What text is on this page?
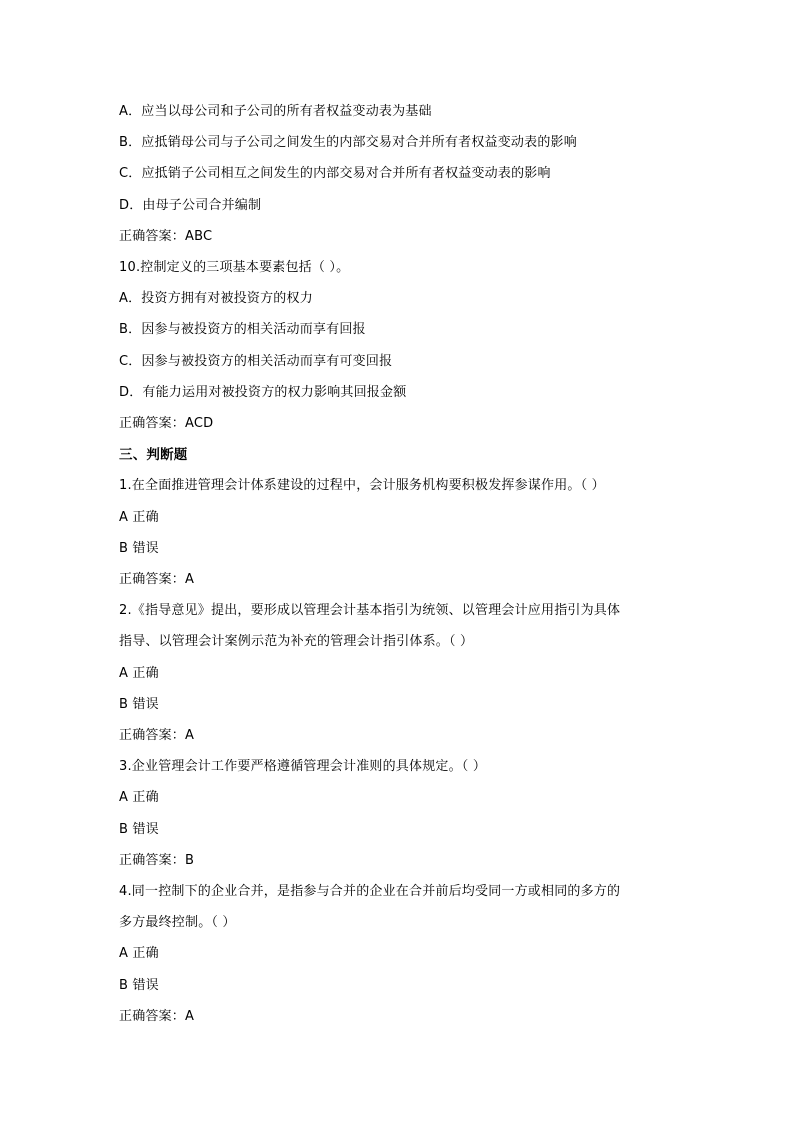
A．应当以母公司和子公司的所有者权益变动表为基础
B．应抵销母公司与子公司之间发生的内部交易对合并所有者权益变动表的影响
C．应抵销子公司相互之间发生的内部交易对合并所有者权益变动表的影响
D．由母子公司合并编制
正确答案：ABC
10.控制定义的三项基本要素包括（ ）。
A．投资方拥有对被投资方的权力
B．因参与被投资方的相关活动而享有回报
C．因参与被投资方的相关活动而享有可变回报
D．有能力运用对被投资方的权力影响其回报金额
正确答案：ACD
三、判断题
1.在全面推进管理会计体系建设的过程中，会计服务机构要积极发挥参谋作用。（ ）
A 正确
B 错误
正确答案：A
2.《指导意见》提出，要形成以管理会计基本指引为统领、以管理会计应用指引为具体
指导、以管理会计案例示范为补充的管理会计指引体系。（ ）
A 正确
B 错误
正确答案：A
3.企业管理会计工作要严格遵循管理会计准则的具体规定。（ ）
A 正确
B 错误
正确答案：B
4.同一控制下的企业合并，是指参与合并的企业在合并前后均受同一方或相同的多方的
多方最终控制。（ ）
A 正确
B 错误
正确答案：A
